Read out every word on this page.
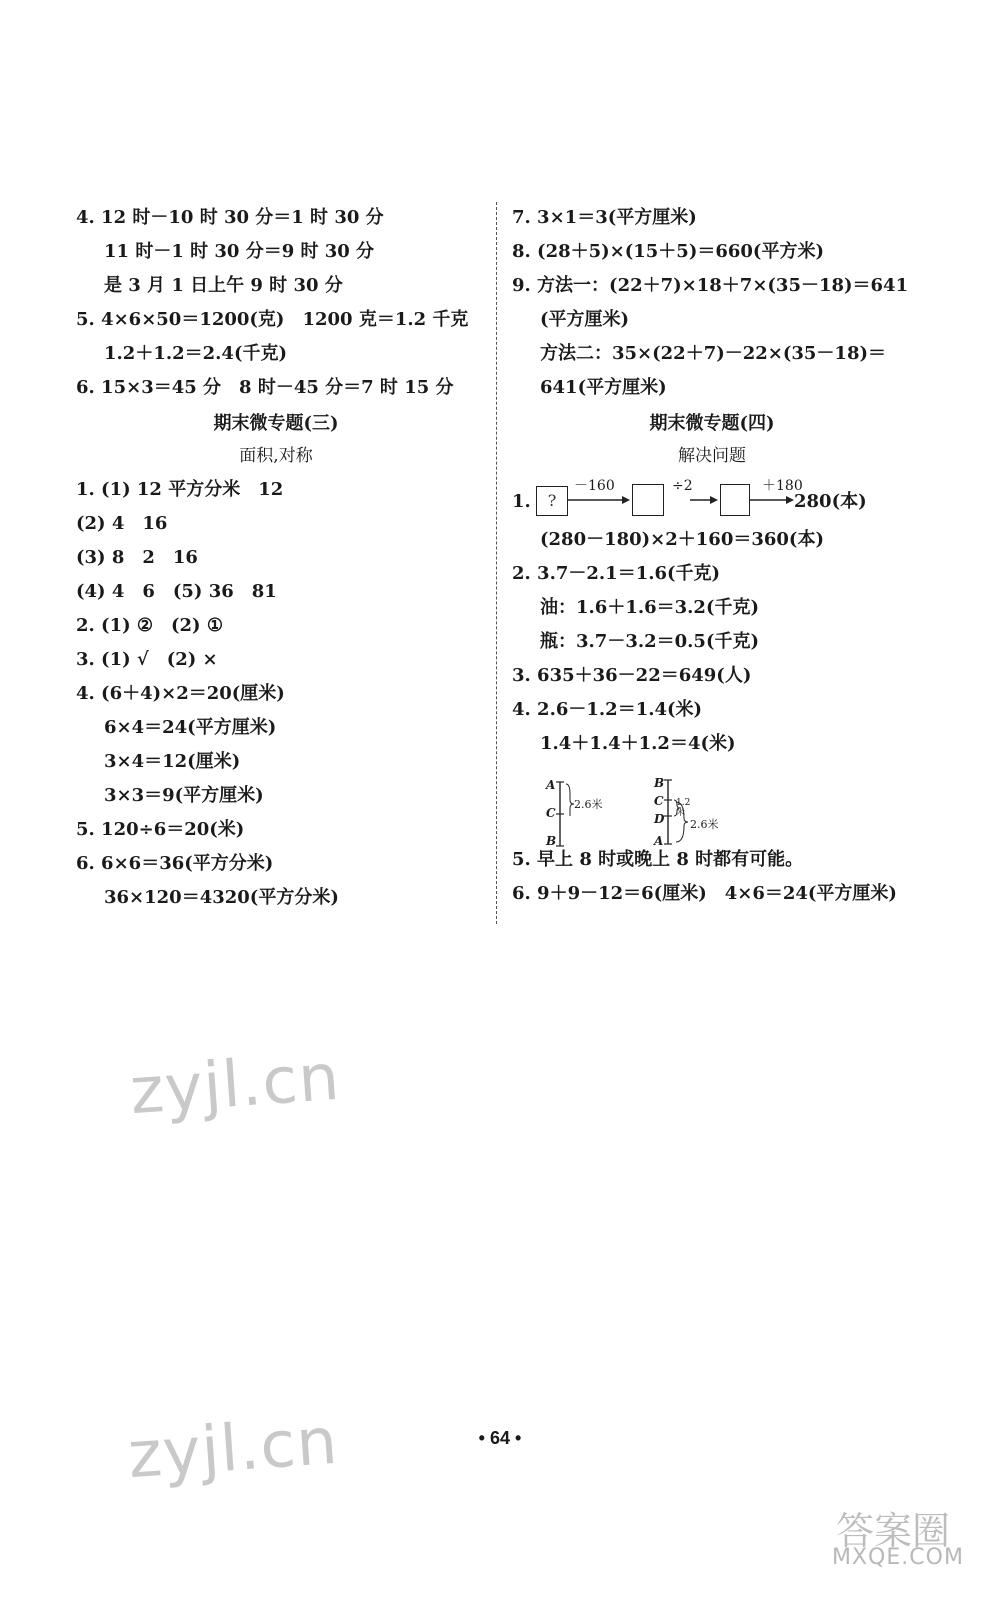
4. 12 时－10 时 30 分＝1 时 30 分
11 时－1 时 30 分＝9 时 30 分
是 3 月 1 日上午 9 时 30 分
5. 4×6×50＝1200(克)　1200 克＝1.2 千克
1.2＋1.2＝2.4(千克)
6. 15×3＝45 分　8 时－45 分＝7 时 15 分
期末微专题(三)
面积,对称
1. (1) 12 平方分米　12
(2) 4　16
(3) 8　2　16
(4) 4　6　(5) 36　81
2. (1) ②　(2) ①
3. (1) √　(2) ×
4. (6＋4)×2＝20(厘米)
6×4＝24(平方厘米)
3×4＝12(厘米)
3×3＝9(平方厘米)
5. 120÷6＝20(米)
6. 6×6＝36(平方分米)
36×120＝4320(平方分米)
7. 3×1＝3(平方厘米)
8. (28＋5)×(15＋5)＝660(平方米)
9. 方法一：(22＋7)×18＋7×(35－18)＝641
(平方厘米)
方法二：35×(22＋7)－22×(35－18)＝
641(平方厘米)
期末微专题(四)
解决问题
1.	?
－160	÷2	＋180
280(本)
(280－180)×2＋160＝360(本)
2. 3.7－2.1＝1.6(千克)
油：1.6＋1.6＝3.2(千克)
瓶：3.7－3.2＝0.5(千克)
3. 635＋36－22＝649(人)
4. 2.6－1.2＝1.4(米)
1.4＋1.4＋1.2＝4(米)
A
C
B
2.6米
B
C
D
A
1.2米
2.6米
5. 早上 8 时或晚上 8 时都有可能。
6. 9＋9－12＝6(厘米)　4×6＝24(平方厘米)
zyjl.cn
zyjl.cn	• 64 •
答案圈
MXQE.COM
